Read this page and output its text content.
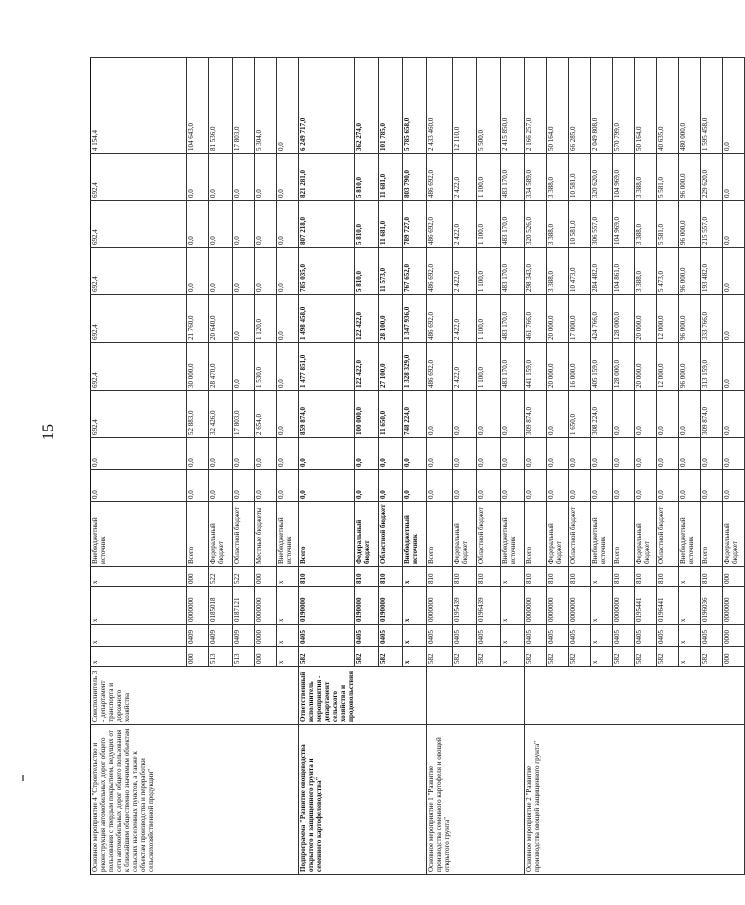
15
Основное мероприятие 4 "Строительство и реконструкция автомобильных дорог общего пользования с твердым покрытием, ведущих от сети автомобильных дорог общего пользования к ближайшим общественно значимым объектам сельских населенных пунктов, а также к объектам производства и переработки сельскохозяйственной продукции"	Соисполнитель 3 - департамент транспорта и дорожного хозяйства	х	х	х	х	Внебюджетный источник	0,0	0,0	692,4	692,4	692,4	692,4	692,4	692,4	4 154,4
		000	0409	0000000	000	Всего	0,0	0,0	52 883,0	30 000,0	21 760,0	0,0	0,0	0,0	104 643,0
		513	0409	0185018	522	Федеральный бюджет	0,0	0,0	32 426,0	28 470,0	20 640,0	0,0	0,0	0,0	81 536,0
		513	0409	0187121	522	Областной бюджет	0,0	0,0	17 803,0	0,0	0,0	0,0	0,0	0,0	17 803,0
		000	0000	0000000	000	Местные бюджеты	0,0	0,0	2 654,0	1 530,0	1 120,0	0,0	0,0	0,0	5 304,0
		х	х	х	х	Внебюджетный источник	0,0	0,0	0,0	0,0	0,0	0,0	0,0	0,0	0,0
Подпрограмма "Развитие овощеводства открытого и защищенного грунта и семенного картофелеводства"	Ответственный исполнитель мероприятия - департамент сельского хозяйства и продовольствия	582	0405	0190000	810	Всего	0,0	0,0	859 874,0	1 477 851,0	1 498 458,0	785 035,0	807 218,0	821 281,0	6 249 717,0
		582	0405	0190000	810	Федеральный бюджет	0,0	0,0	100 000,0	122 422,0	122 422,0	5 810,0	5 810,0	5 810,0	362 274,0
		582	0405	0190000	810	Областной бюджет	0,0	0,0	11 650,0	27 100,0	28 100,0	11 573,0	11 681,0	11 681,0	101 785,0
		х	х	х	х	Внебюджетный источник	0,0	0,0	748 224,0	1 328 329,0	1 347 936,0	767 652,0	789 727,0	803 790,0	5 785 658,0
Основное мероприятие 1 "Развитие производства семенного картофеля и овощей открытого грунта"		582	0405	0000000	810	Всего	0,0	0,0	0,0	486 692,0	486 692,0	486 692,0	486 692,0	486 692,0	2 433 460,0
		582	0405	0195439	810	Федеральный бюджет	0,0	0,0	0,0	2 422,0	2 422,0	2 422,0	2 422,0	2 422,0	12 110,0
		582	0405	0196439	810	Областной бюджет	0,0	0,0	0,0	1 100,0	1 100,0	1 100,0	1 100,0	1 100,0	5 500,0
		х	х	х	х	Внебюджетный источник	0,0	0,0	0,0	483 170,0	483 170,0	483 170,0	483 170,0	483 170,0	2 415 850,0
Основное мероприятие 2 "Развитие производства овощей защищенного грунта"		582	0405	0000000	810	Всего	0,0	0,0	309 874,0	441 159,0	461 766,0	298 343,0	320 526,0	334 589,0	2 166 257,0
		582	0405	0000000	810	Федеральный бюджет	0,0	0,0	0,0	20 000,0	20 000,0	3 388,0	3 388,0	3 388,0	50 164,0
		582	0405	0000000	810	Областной бюджет	0,0	0,0	1 650,0	16 000,0	17 000,0	10 473,0	10 581,0	10 581,0	66 285,0
		х	х	х	х	Внебюджетный источник	0,0	0,0	308 224,0	405 159,0	424 766,0	284 482,0	306 557,0	320 620,0	2 049 808,0
		582	0405	0000000	810	Всего	0,0	0,0	0,0	128 000,0	128 000,0	104 861,0	104 969,0	104 969,0	570 799,0
		582	0405	0195441	810	Федеральный бюджет	0,0	0,0	0,0	20 000,0	20 000,0	3 388,0	3 388,0	3 388,0	50 164,0
		582	0405	0196441	810	Областной бюджет	0,0	0,0	0,0	12 000,0	12 000,0	5 473,0	5 581,0	5 581,0	40 635,0
		х	х	х	х	Внебюджетный источник	0,0	0,0	0,0	96 000,0	96 000,0	96 000,0	96 000,0	96 000,0	480 000,0
		582	0405	0196036	810	Всего	0,0	0,0	309 874,0	313 159,0	333 766,0	193 482,0	215 557,0	229 620,0	1 595 458,0
		000	0000	0000000	000	Федеральный бюджет	0,0	0,0	0,0	0,0	0,0	0,0	0,0	0,0	0,0
